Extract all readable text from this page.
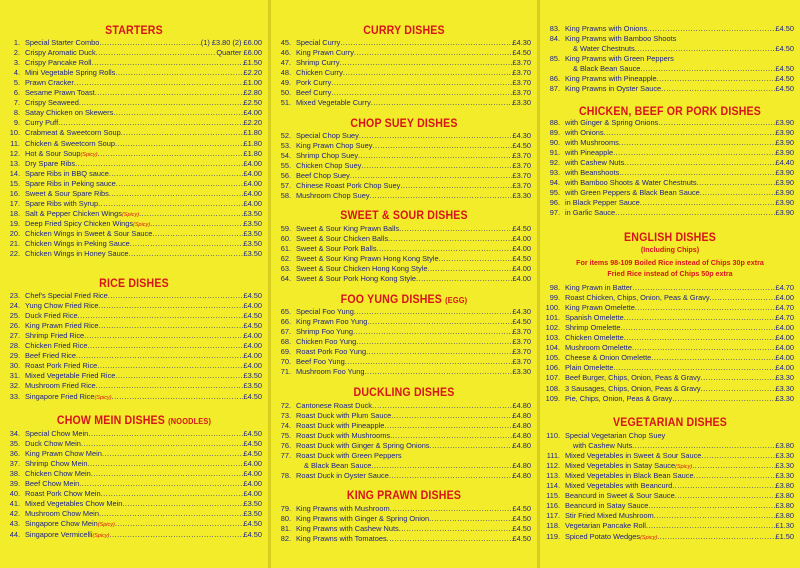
STARTERS
1. Special Starter Combo .....	(1) £3.80 (2) £6.00
2. Crispy Aromatic Duck .....	Quarter £6.00
3. Crispy Pancake Roll .....	£1.50
4. Mini Vegetable Spring Rolls .....	£2.20
5. Prawn Cracker .....	£1.00
6. Sesame Prawn Toast .....	£2.80
7. Crispy Seaweed .....	£2.50
8. Satay Chicken on Skewers .....	£4.00
9. Curry Puff .....	£2.20
10. Crabmeat & Sweetcorn Soup .....	£1.80
11. Chicken & Sweetcorn Soup .....	£1.80
12. Hot & Sour Soup (Spicy) .....	£1.80
13. Dry Spare Ribs .....	£4.00
14. Spare Ribs in BBQ sauce .....	£4.00
15. Spare Ribs in Peking sauce .....	£4.00
16. Sweet & Sour Spare Ribs .....	£4.00
17. Spare Ribs with Syrup .....	£4.00
18. Salt & Pepper Chicken Wings (Spicy) .....	£3.50
19. Deep Fried Spicy Chicken Wings (Spicy) .....	£3.50
20. Chicken Wings in Sweet & Sour Sauce .....	£3.50
21. Chicken Wings in Peking Sauce .....	£3.50
22. Chicken Wings in Honey Sauce .....	£3.50
RICE DISHES
23. Chef's Special Fried Rice .....	£4.50
24. Yung Chow Fried Rice .....	£4.00
25. Duck Fried Rice .....	£4.50
26. King Prawn Fried Rice .....	£4.50
27. Shrimp Fried Rice .....	£4.00
28. Chicken Fried Rice .....	£4.00
29. Beef Fried Rice .....	£4.00
30. Roast Pork Fried Rice .....	£4.00
31. Mixed Vegetable Fried Rice .....	£3.50
32. Mushroom Fried Rice .....	£3.50
33. Singapore Fried Rice (Spicy) .....	£4.50
CHOW MEIN DISHES (NOODLES)
34. Special Chow Mein .....	£4.50
35. Duck Chow Mein .....	£4.50
36. King Prawn Chow Mein .....	£4.50
37. Shrimp Chow Mein .....	£4.00
38. Chicken Chow Mein .....	£4.00
39. Beef Chow Mein .....	£4.00
40. Roast Pork Chow Mein .....	£4.00
41. Mixed Vegetables Chow Mein .....	£3.50
42. Mushroom Chow Mein .....	£3.50
43. Singapore Chow Mein (Spicy) .....	£4.50
44. Singapore Vermicelli (Spicy) .....	£4.50
CURRY DISHES
45. Special Curry .....	£4.30
46. King Prawn Curry .....	£4.50
47. Shrimp Curry .....	£3.70
48. Chicken Curry .....	£3.70
49. Pork Curry .....	£3.70
50. Beef Curry .....	£3.70
51. Mixed Vegetable Curry .....	£3.30
CHOP SUEY DISHES
52. Special Chop Suey .....	£4.30
53. King Prawn Chop Suey .....	£4.50
54. Shrimp Chop Suey .....	£3.70
55. Chicken Chop Suey .....	£3.70
56. Beef Chop Suey .....	£3.70
57. Chinese Roast Pork Chop Suey .....	£3.70
58. Mushroom Chop Suey .....	£3.30
SWEET & SOUR DISHES
59. Sweet & Sour King Prawn Balls .....	£4.50
60. Sweet & Sour Chicken Balls .....	£4.00
61. Sweet & Sour Pork Balls .....	£4.00
62. Sweet & Sour King Prawn Hong Kong Style .....	£4.50
63. Sweet & Sour Chicken Hong Kong Style .....	£4.00
64. Sweet & Sour Pork Hong Kong Style .....	£4.00
FOO YUNG DISHES (EGG)
65. Special Foo Yung .....	£4.30
66. King Prawn Foo Yung .....	£4.50
67. Shrimp Foo Yung .....	£3.70
68. Chicken Foo Yung .....	£3.70
69. Roast Pork Foo Yung .....	£3.70
70. Beef Foo Yung .....	£3.70
71. Mushroom Foo Yung .....	£3.30
DUCKLING DISHES
72. Cantonese Roast Duck .....	£4.80
73. Roast Duck with Plum Sauce .....	£4.80
74. Roast Duck with Pineapple .....	£4.80
75. Roast Duck with Mushrooms .....	£4.80
76. Roast Duck with Ginger & Spring Onions .....	£4.80
77. Roast Duck with Green Peppers
& Black Bean Sauce .....	£4.80
78. Roast Duck in Oyster Sauce .....	£4.80
KING PRAWN DISHES
79. King Prawns with Mushroom .....	£4.50
80. King Prawns with Ginger & Spring Onion .....	£4.50
81. King Prawns with Cashew Nuts .....	£4.50
82. King Prawns with Tomatoes .....	£4.50
83. King Prawns with Onions .....	£4.50
84. King Prawns with Bamboo Shoots
& Water Chestnuts .....	£4.50
85. King Prawns with Green Peppers
& Black Bean Sauce .....	£4.50
86. King Prawns with Pineapple .....	£4.50
87. King Prawns in Oyster Sauce .....	£4.50
CHICKEN, BEEF OR PORK DISHES
88. with Ginger & Spring Onions .....	£3.90
89. with Onions .....	£3.90
90. with Mushrooms .....	£3.90
91. with Pineapple .....	£3.90
92. with Cashew Nuts .....	£4.40
93. with Beanshoots .....	£3.90
94. with Bamboo Shoots & Water Chestnuts .....	£3.90
95. with Green Peppers & Black Bean Sauce .....	£3.90
96. in Black Pepper Sauce .....	£3.90
97. in Garlic Sauce .....	£3.90
ENGLISH DISHES
(Including Chips)
For items 98-109 Boiled Rice instead of Chips 30p extra
Fried Rice instead of Chips 50p extra
98. King Prawn in Batter .....	£4.70
99. Roast Chicken, Chips, Onion, Peas & Gravy .....	£4.00
100. King Prawn Omelette .....	£4.70
101. Spanish Omelette .....	£4.70
102. Shrimp Omelette .....	£4.00
103. Chicken Omelette .....	£4.00
104. Mushroom Omelette .....	£4.00
105. Cheese & Onion Omelette .....	£4.00
106. Plain Omelette .....	£4.00
107. Beef Burger, Chips, Onion, Peas & Gravy .....	£3.30
108. 3 Sausages, Chips, Onion, Peas & Gravy .....	£3.30
109. Pie, Chips, Onion, Peas & Gravy .....	£3.30
VEGETARIAN DISHES
110. Special Vegetarian Chop Suey
with Cashew Nuts .....	£3.80
111. Mixed Vegetables in Sweet & Sour Sauce .....	£3.30
112. Mixed Vegetables in Satay Sauce (Spicy) .....	£3.30
113. Mixed Vegetables in Black Bean Sauce .....	£3.30
114. Mixed Vegetables with Beancurd .....	£3.80
115. Beancurd in Sweet & Sour Sauce .....	£3.80
116. Beancurd in Satay Sauce .....	£3.80
117. Stir Fried Mixed Mushroom .....	£3.80
118. Vegetarian Pancake Roll .....	£1.30
119. Spiced Potato Wedges (Spicy) .....	£1.50
